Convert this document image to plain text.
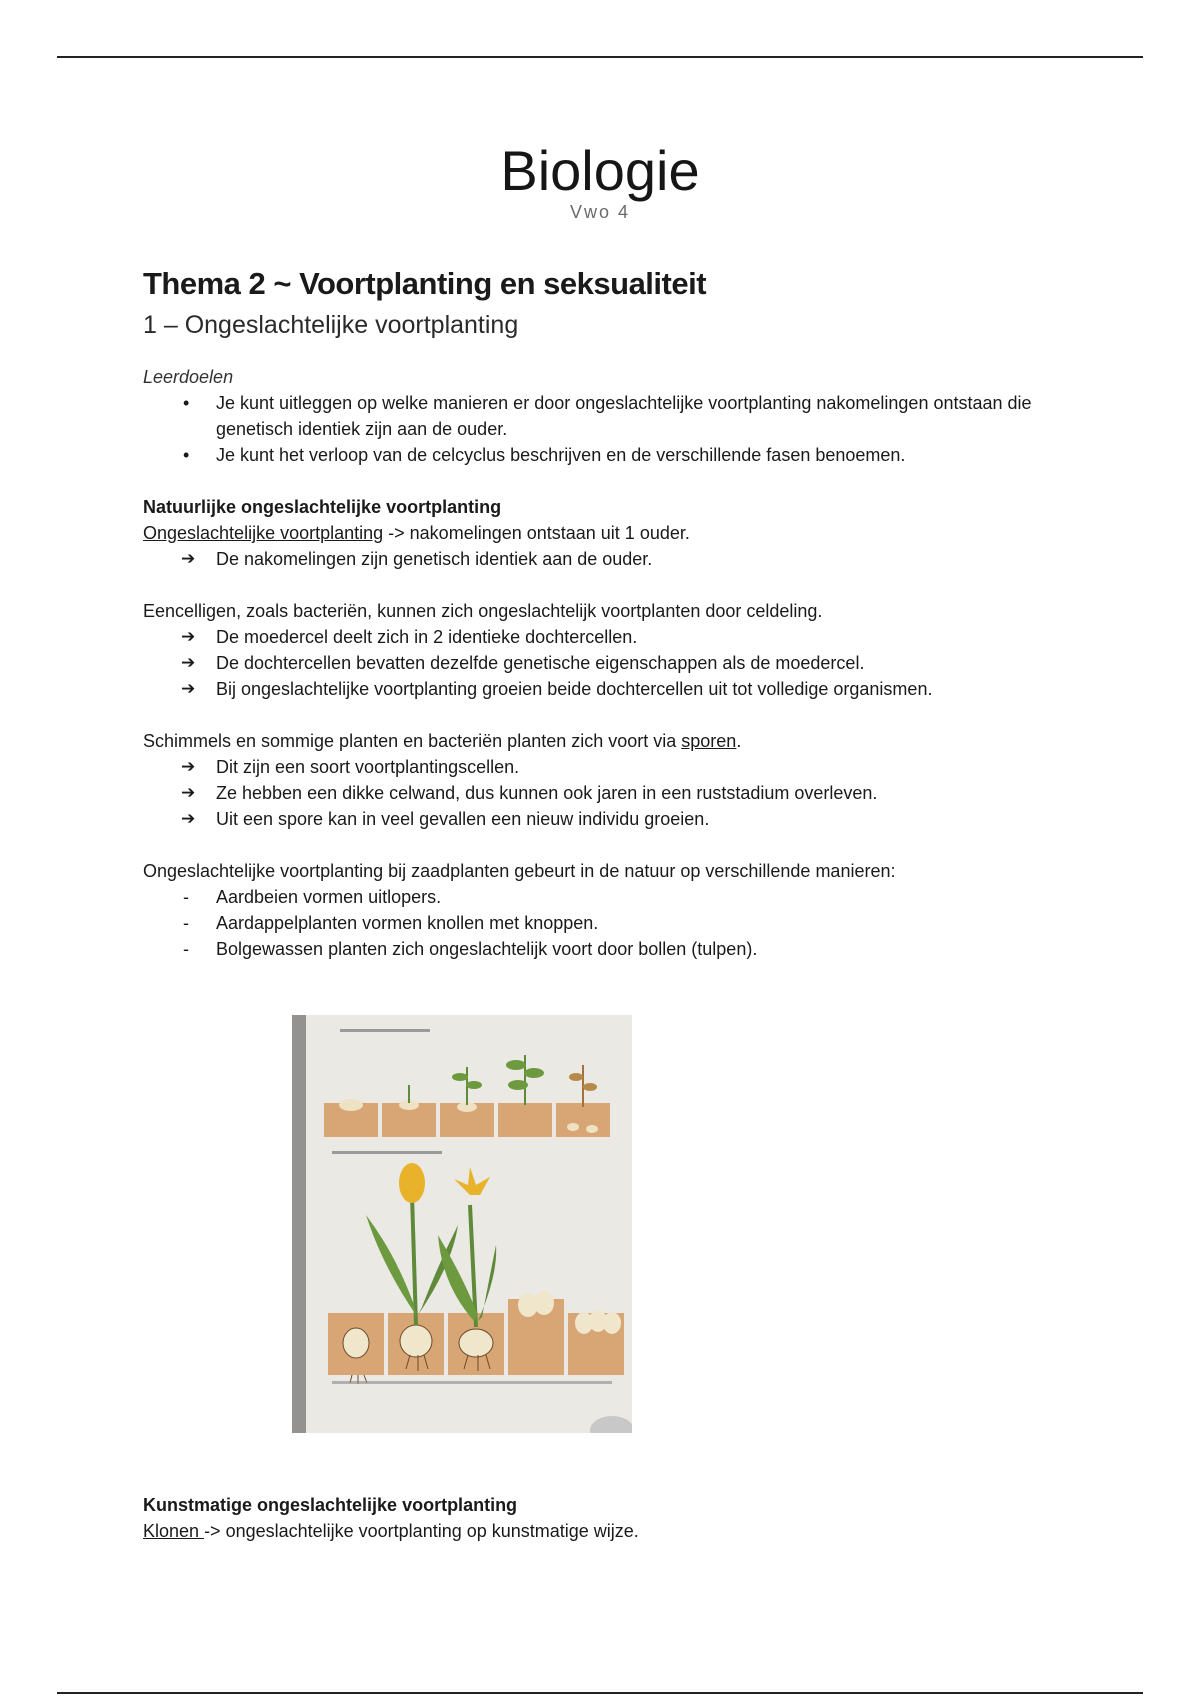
Biologie
Vwo 4
Thema 2 ~ Voortplanting en seksualiteit
1 – Ongeslachtelijke voortplanting
Leerdoelen
• Je kunt uitleggen op welke manieren er door ongeslachtelijke voortplanting nakomelingen ontstaan die genetisch identiek zijn aan de ouder.
• Je kunt het verloop van de celcyclus beschrijven en de verschillende fasen benoemen.
Natuurlijke ongeslachtelijke voortplanting
Ongeslachtelijke voortplanting -> nakomelingen ontstaan uit 1 ouder.
➔ De nakomelingen zijn genetisch identiek aan de ouder.
Eencelligen, zoals bacteriën, kunnen zich ongeslachtelijk voortplanten door celdeling.
➔ De moedercel deelt zich in 2 identieke dochtercellen.
➔ De dochtercellen bevatten dezelfde genetische eigenschappen als de moedercel.
➔ Bij ongeslachtelijke voortplanting groeien beide dochtercellen uit tot volledige organismen.
Schimmels en sommige planten en bacteriën planten zich voort via sporen.
➔ Dit zijn een soort voortplantingscellen.
➔ Ze hebben een dikke celwand, dus kunnen ook jaren in een ruststadium overleven.
➔ Uit een spore kan in veel gevallen een nieuw individu groeien.
Ongeslachtelijke voortplanting bij zaadplanten gebeurt in de natuur op verschillende manieren:
- Aardbeien vormen uitlopers.
- Aardappelplanten vormen knollen met knoppen.
- Bolgewassen planten zich ongeslachtelijk voort door bollen (tulpen).
Kunstmatige ongeslachtelijke voortplanting
Klonen -> ongeslachtelijke voortplanting op kunstmatige wijze.
